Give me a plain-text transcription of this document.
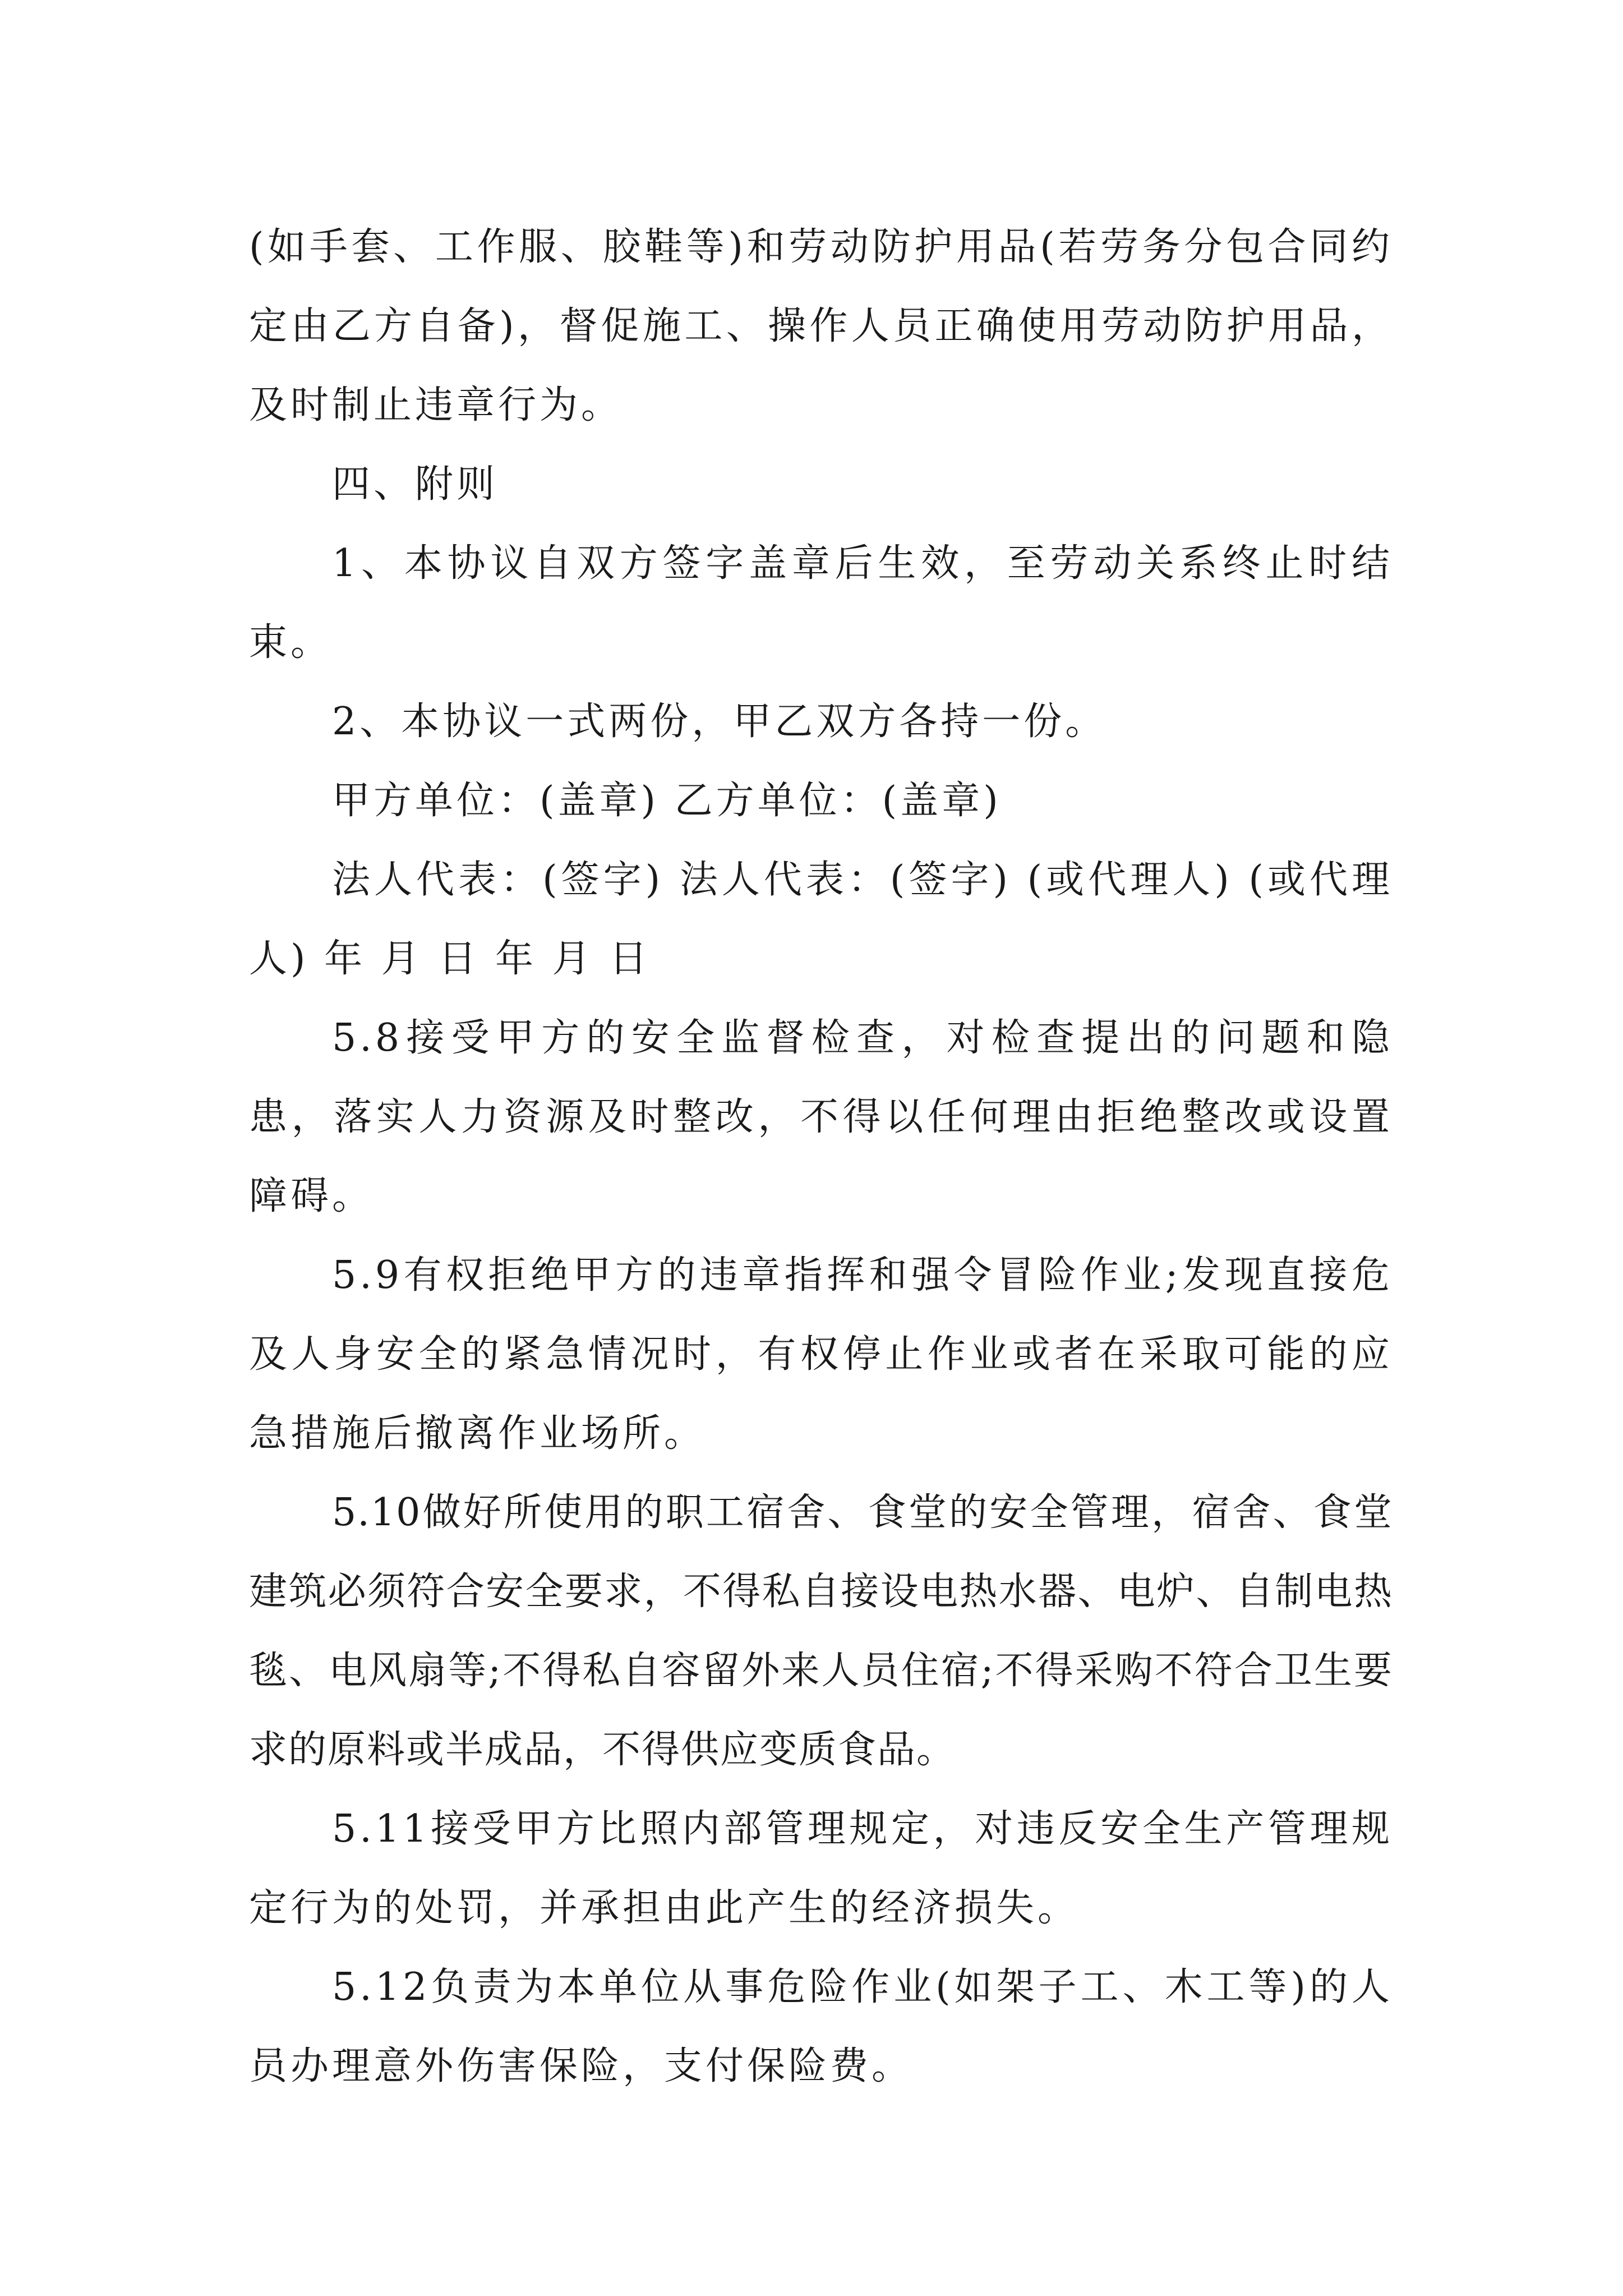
(如手套、工作服、胶鞋等)和劳动防护用品(若劳务分包合同约定由乙方自备)，督促施工、操作人员正确使用劳动防护用品，及时制止违章行为。

四、附则

1、本协议自双方签字盖章后生效，至劳动关系终止时结束。

2、本协议一式两份，甲乙双方各持一份。

甲方单位：(盖章) 乙方单位：(盖章)

法人代表：(签字) 法人代表：(签字) (或代理人) (或代理人) 年 月 日 年 月 日

5.8接受甲方的安全监督检查，对检查提出的问题和隐患，落实人力资源及时整改，不得以任何理由拒绝整改或设置障碍。

5.9有权拒绝甲方的违章指挥和强令冒险作业;发现直接危及人身安全的紧急情况时，有权停止作业或者在采取可能的应急措施后撤离作业场所。

5.10做好所使用的职工宿舍、食堂的安全管理，宿舍、食堂建筑必须符合安全要求，不得私自接设电热水器、电炉、自制电热毯、电风扇等;不得私自容留外来人员住宿;不得采购不符合卫生要求的原料或半成品，不得供应变质食品。

5.11接受甲方比照内部管理规定，对违反安全生产管理规定行为的处罚，并承担由此产生的经济损失。

5.12负责为本单位从事危险作业(如架子工、木工等)的人员办理意外伤害保险，支付保险费。
